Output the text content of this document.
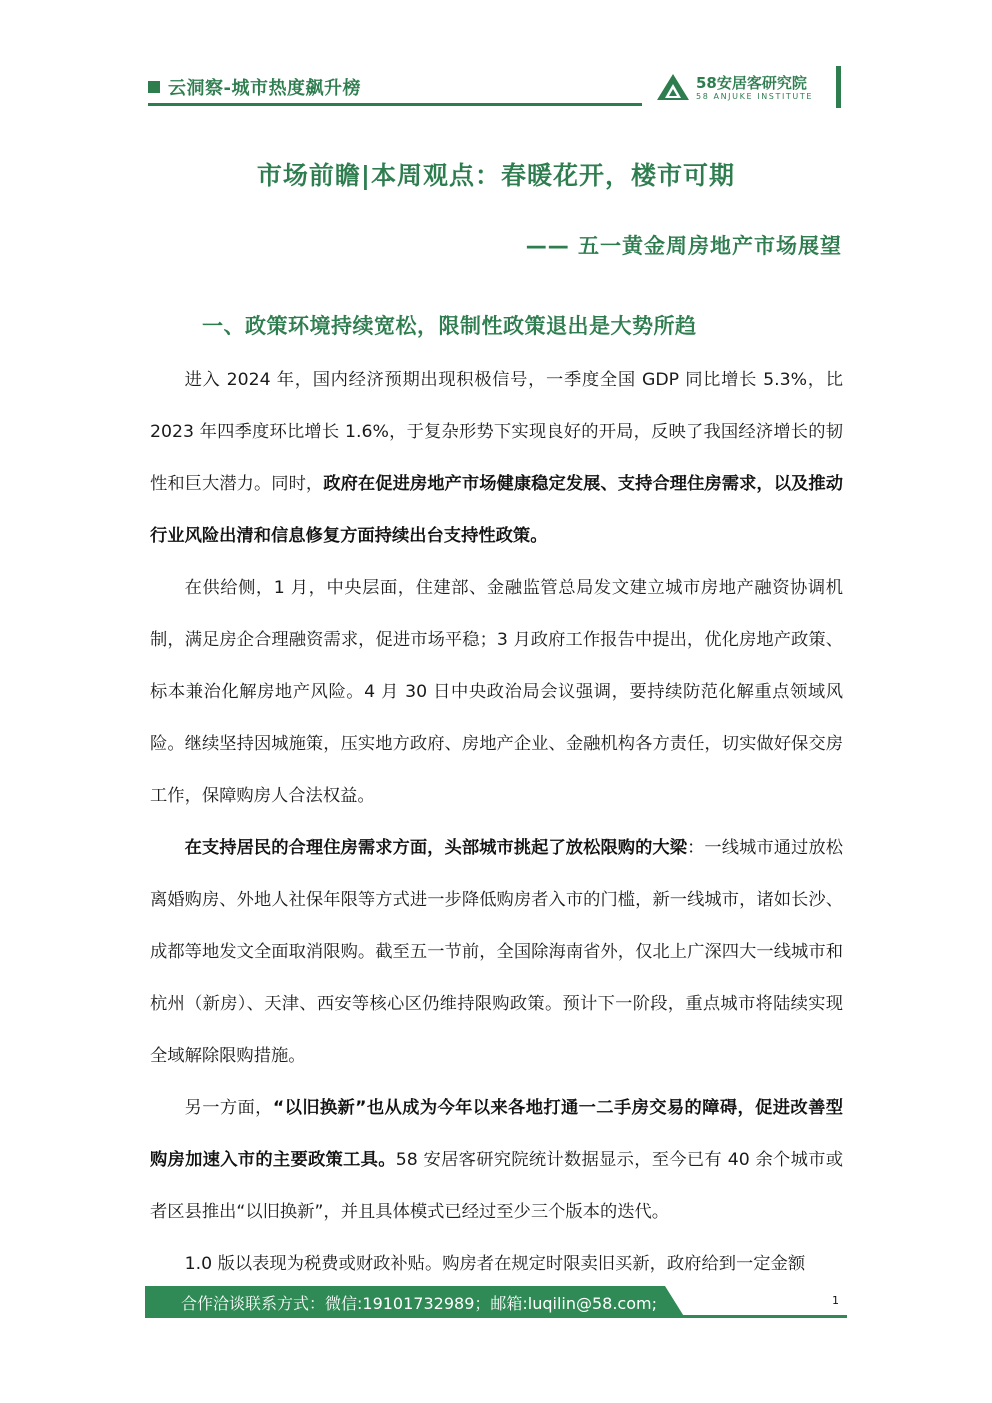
云洞察-城市热度飙升榜	58安居客研究院
58 ANJUKE INSTITUTE
市场前瞻|本周观点：春暖花开，楼市可期
—— 五一黄金周房地产市场展望
一、政策环境持续宽松，限制性政策退出是大势所趋

进入 2024 年，国内经济预期出现积极信号，一季度全国 GDP 同比增长 5.3%，比 2023 年四季度环比增长 1.6%，于复杂形势下实现良好的开局，反映了我国经济增长的韧性和巨大潜力。同时，政府在促进房地产市场健康稳定发展、支持合理住房需求，以及推动行业风险出清和信息修复方面持续出台支持性政策。

在供给侧，1 月，中央层面，住建部、金融监管总局发文建立城市房地产融资协调机制，满足房企合理融资需求，促进市场平稳；3 月政府工作报告中提出，优化房地产政策、标本兼治化解房地产风险。4 月 30 日中央政治局会议强调，要持续防范化解重点领域风险。继续坚持因城施策，压实地方政府、房地产企业、金融机构各方责任，切实做好保交房工作，保障购房人合法权益。

在支持居民的合理住房需求方面，头部城市挑起了放松限购的大梁：一线城市通过放松离婚购房、外地人社保年限等方式进一步降低购房者入市的门槛，新一线城市，诸如长沙、成都等地发文全面取消限购。截至五一节前，全国除海南省外，仅北上广深四大一线城市和杭州（新房）、天津、西安等核心区仍维持限购政策。预计下一阶段，重点城市将陆续实现全域解除限购措施。

另一方面，“以旧换新”也从成为今年以来各地打通一二手房交易的障碍，促进改善型购房加速入市的主要政策工具。58 安居客研究院统计数据显示，至今已有 40 余个城市或者区县推出“以旧换新”，并且具体模式已经过至少三个版本的迭代。

1.0 版以表现为税费或财政补贴。购房者在规定时限卖旧买新，政府给到一定金额

合作洽谈联系方式：微信:19101732989；邮箱:luqilin@58.com;	1
